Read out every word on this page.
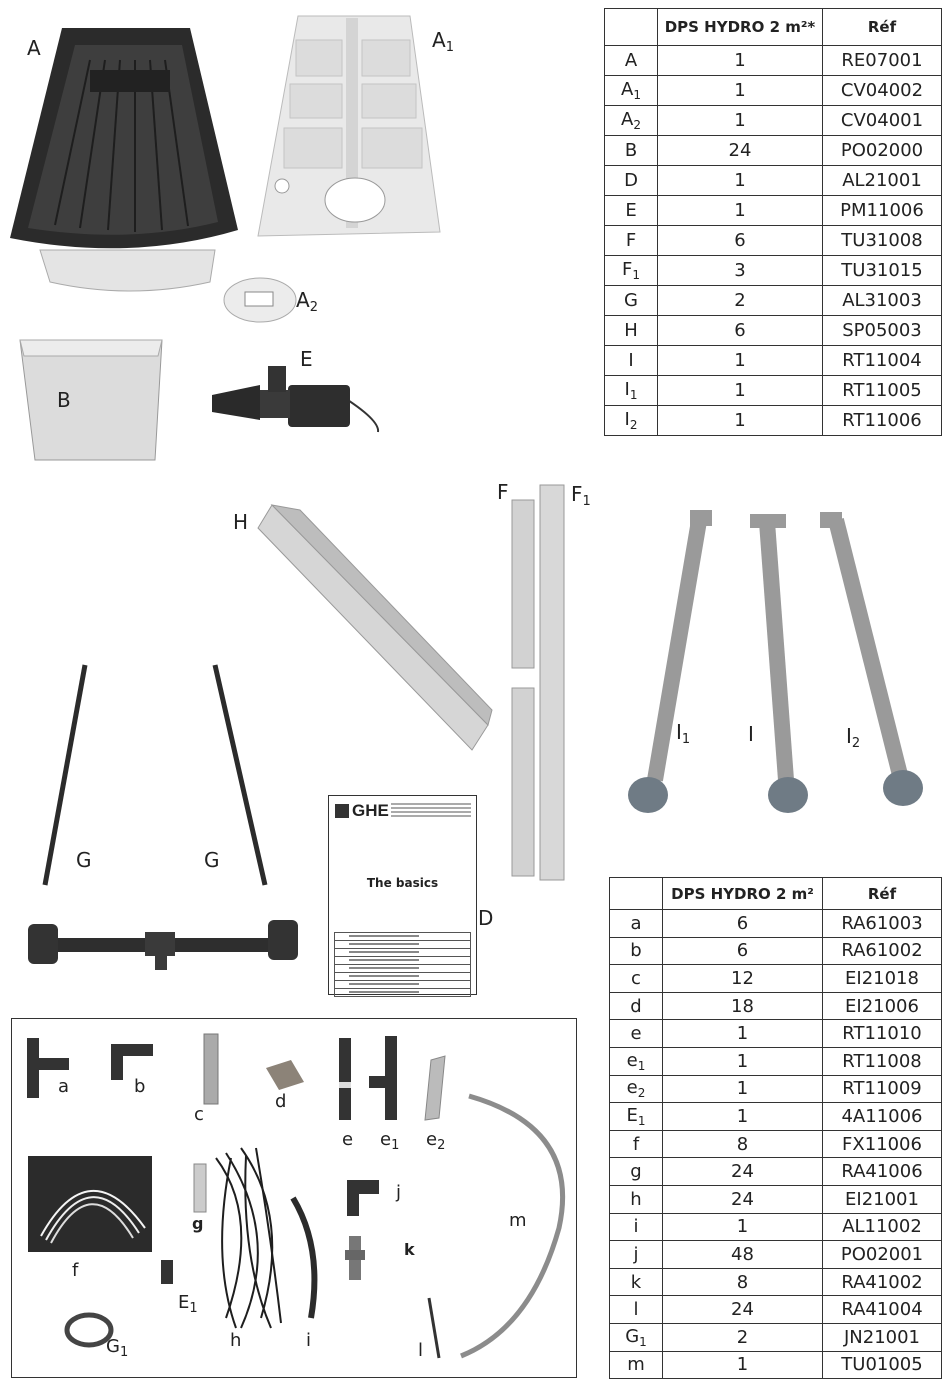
	DPS HYDRO 2 m²*	Réf
A	1	RE07001
$A_1$	1	CV04002
$A_2$	1	CV04001
B	24	PO02000
D	1	AL21001
E	1	PM11006
F	6	TU31008
$F_1$	3	TU31015
G	2	AL31003
H	6	SP05003
I	1	RT11004
$I_1$	1	RT11005
$I_2$	1	RT11006
	DPS HYDRO 2 m²	Réf
a	6	RA61003
b	6	RA61002
c	12	EI21018
d	18	EI21006
e	1	RT11010
$e_1$	1	RT11008
$e_2$	1	RT11009
$E_1$	1	4A11006
f	8	FX11006
g	24	RA41006
h	24	EI21001
i	1	AL11002
j	48	PO02001
k	8	RA41002
l	24	RA41004
$G_1$	2	JN21001
m	1	TU01005
GHE
The basics
A	$A_1$
$A_2$
B
E
H
F	$F_1$
$I_1$	I	$I_2$
G	G
D
a	b
c
d
e $e_1$ $e_2$
m
f
g
j
k
$E_1$
h	i	l
$G_1$
